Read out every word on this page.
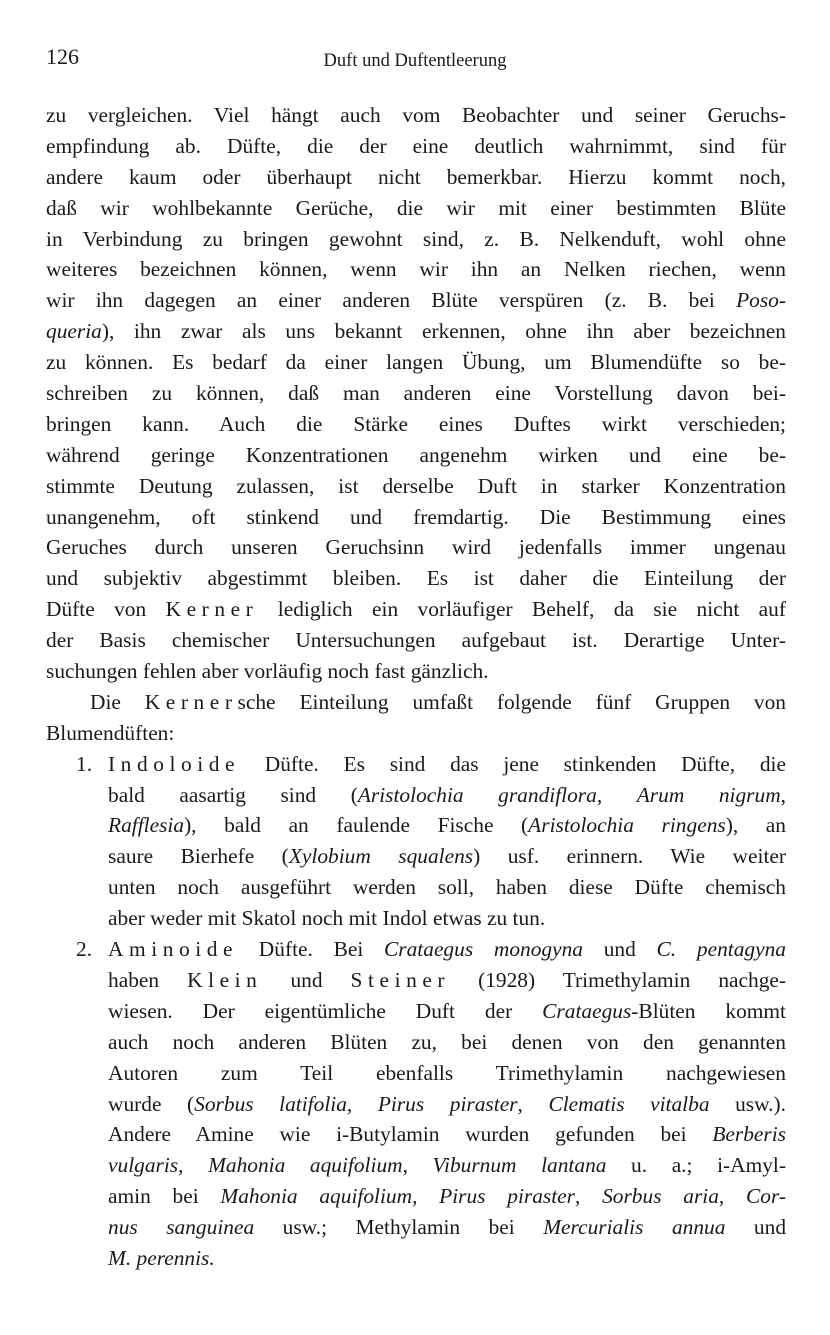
126	Duft und Duftentleerung
zu vergleichen. Viel hängt auch vom Beobachter und seiner Geruchs-
empfindung ab. Düfte, die der eine deutlich wahrnimmt, sind für
andere kaum oder überhaupt nicht bemerkbar. Hierzu kommt noch,
daß wir wohlbekannte Gerüche, die wir mit einer bestimmten Blüte
in Verbindung zu bringen gewohnt sind, z. B. Nelkenduft, wohl ohne
weiteres bezeichnen können, wenn wir ihn an Nelken riechen, wenn
wir ihn dagegen an einer anderen Blüte verspüren (z. B. bei Poso-
queria), ihn zwar als uns bekannt erkennen, ohne ihn aber bezeichnen
zu können. Es bedarf da einer langen Übung, um Blumendüfte so be-
schreiben zu können, daß man anderen eine Vorstellung davon bei-
bringen kann. Auch die Stärke eines Duftes wirkt verschieden;
während geringe Konzentrationen angenehm wirken und eine be-
stimmte Deutung zulassen, ist derselbe Duft in starker Konzentration
unangenehm, oft stinkend und fremdartig. Die Bestimmung eines
Geruches durch unseren Geruchsinn wird jedenfalls immer ungenau
und subjektiv abgestimmt bleiben. Es ist daher die Einteilung der
Düfte von Kerner lediglich ein vorläufiger Behelf, da sie nicht auf
der Basis chemischer Untersuchungen aufgebaut ist. Derartige Unter-
suchungen fehlen aber vorläufig noch fast gänzlich.
Die Kernersche Einteilung umfaßt folgende fünf Gruppen von
Blumendüften:
1. Indoloide Düfte. Es sind das jene stinkenden Düfte, die
bald aasartig sind (Aristolochia grandiflora, Arum nigrum,
Rafflesia), bald an faulende Fische (Aristolochia ringens), an
saure Bierhefe (Xylobium squalens) usf. erinnern. Wie weiter
unten noch ausgeführt werden soll, haben diese Düfte chemisch
aber weder mit Skatol noch mit Indol etwas zu tun.
2. Aminoide Düfte. Bei Crataegus monogyna und C. pentagyna
haben Klein und Steiner (1928) Trimethylamin nachge-
wiesen. Der eigentümliche Duft der Crataegus-Blüten kommt
auch noch anderen Blüten zu, bei denen von den genannten
Autoren zum Teil ebenfalls Trimethylamin nachgewiesen
wurde (Sorbus latifolia, Pirus piraster, Clematis vitalba usw.).
Andere Amine wie i-Butylamin wurden gefunden bei Berberis
vulgaris, Mahonia aquifolium, Viburnum lantana u. a.; i-Amyl-
amin bei Mahonia aquifolium, Pirus piraster, Sorbus aria, Cor-
nus sanguinea usw.; Methylamin bei Mercurialis annua und
M. perennis.
